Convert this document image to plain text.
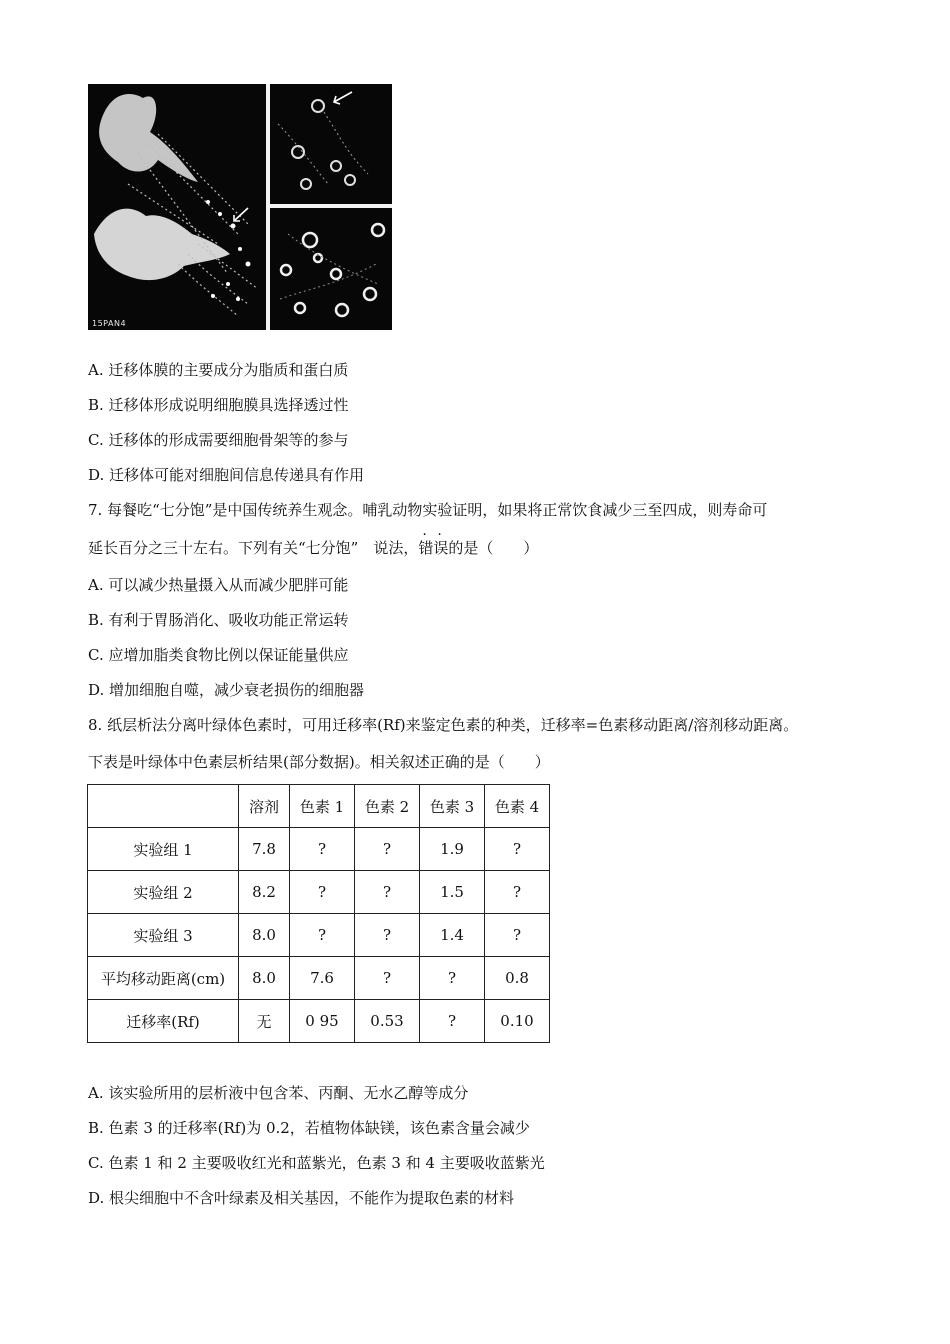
15PAN4
A. 迁移体膜的主要成分为脂质和蛋白质
B. 迁移体形成说明细胞膜具选择透过性
C. 迁移体的形成需要细胞骨架等的参与
D. 迁移体可能对细胞间信息传递具有作用
7. 每餐吃“七分饱”是中国传统养生观念。哺乳动物实验证明，如果将正常饮食减少三至四成，则寿命可
延长百分之三十左右。下列有关“七分饱”　说法，错误的是（　　）
A. 可以减少热量摄入从而减少肥胖可能
B. 有利于胃肠消化、吸收功能正常运转
C. 应增加脂类食物比例以保证能量供应
D. 增加细胞自噬，减少衰老损伤的细胞器
8. 纸层析法分离叶绿体色素时，可用迁移率(Rf)来鉴定色素的种类，迁移率=色素移动距离/溶剂移动距离。
下表是叶绿体中色素层析结果(部分数据)。相关叙述正确的是（　　）
	溶剂	色素 1	色素 2	色素 3	色素 4
实验组 1	7.8	?	?	1.9	?
实验组 2	8.2	?	?	1.5	?
实验组 3	8.0	?	?	1.4	?
平均移动距离(cm)	8.0	7.6	?	?	0.8
迁移率(Rf)	无	0 95	0.53	?	0.10
A. 该实验所用的层析液中包含苯、丙酮、无水乙醇等成分
B. 色素 3 的迁移率(Rf)为 0.2，若植物体缺镁，该色素含量会减少
C. 色素 1 和 2 主要吸收红光和蓝紫光，色素 3 和 4 主要吸收蓝紫光
D. 根尖细胞中不含叶绿素及相关基因，不能作为提取色素的材料
